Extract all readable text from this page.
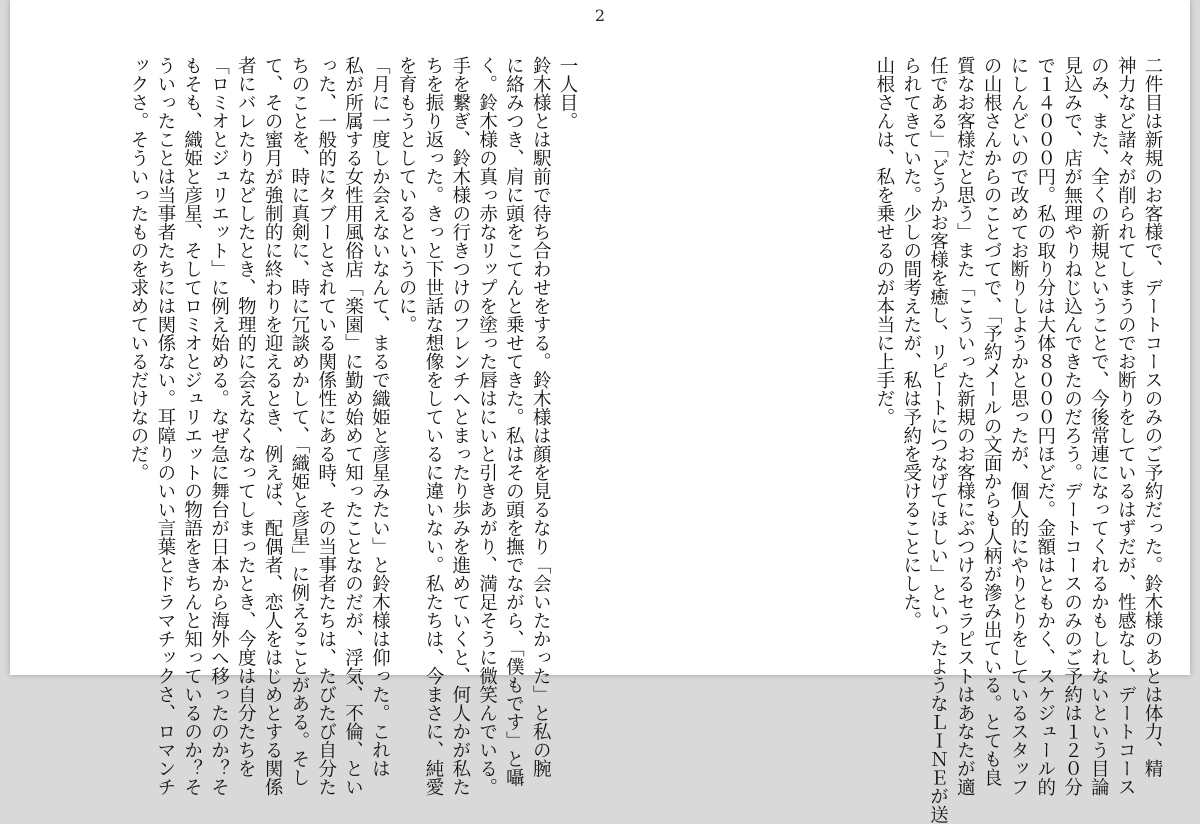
2
二件目は新規のお客様で、デートコースのみのご予約だった。鈴木様のあとは体力、精
神力など諸々が削られてしまうのでお断りをしているはずだが、性感なし、デートコース
のみ、また、全くの新規ということで、今後常連になってくれるかもしれないという目論
見込みで、店が無理やりねじ込んできたのだろう。デートコースのみのご予約は１２０分
で１４０００円。私の取り分は大体８０００円ほどだ。金額はともかく、スケジュール的
にしんどいので改めてお断りしようかと思ったが、個人的にやりとりをしているスタッフ
の山根さんからのことづてで、「予約メールの文面からも人柄が滲み出ている。とても良
質なお客様だと思う」また「こういった新規のお客様にぶつけるセラピストはあなたが適
任である」「どうかお客様を癒し、リピートにつなげてほしい」といったようなＬＩＮＥが送
られてきていた。少しの間考えたが、私は予約を受けることにした。
山根さんは、私を乗せるのが本当に上手だ。
一人目。
鈴木様とは駅前で待ち合わせをする。鈴木様は顔を見るなり「会いたかった」と私の腕
に絡みつき、肩に頭をこてんと乗せてきた。私はその頭を撫でながら、「僕もです」と囁
く。鈴木様の真っ赤なリップを塗った唇はにいと引きあがり、満足そうに微笑んでいる。
手を繋ぎ、鈴木様の行きつけのフレンチへとまったり歩みを進めていくと、何人かが私た
ちを振り返った。きっと下世話な想像をしているに違いない。私たちは、今まさに、純愛
を育もうとしているというのに。
「月に一度しか会えないなんて、まるで織姫と彦星みたい」と鈴木様は仰った。これは
私が所属する女性用風俗店「楽園」に勤め始めて知ったことなのだが、浮気、不倫、とい
った、一般的にタブーとされている関係性にある時、その当事者たちは、たびたび自分た
ちのことを、時に真剣に、時に冗談めかして、「織姫と彦星」に例えることがある。そし
て、その蜜月が強制的に終わりを迎えるとき、例えば、配偶者、恋人をはじめとする関係
者にバレたりなどしたとき、物理的に会えなくなってしまったとき、今度は自分たちを
「ロミオとジュリエット」に例え始める。なぜ急に舞台が日本から海外へ移ったのか？そ
もそも、織姫と彦星、そしてロミオとジュリエットの物語をきちんと知っているのか？そ
ういったことは当事者たちには関係ない。耳障りのいい言葉とドラマチックさ、ロマンチ
ックさ。そういったものを求めているだけなのだ。
